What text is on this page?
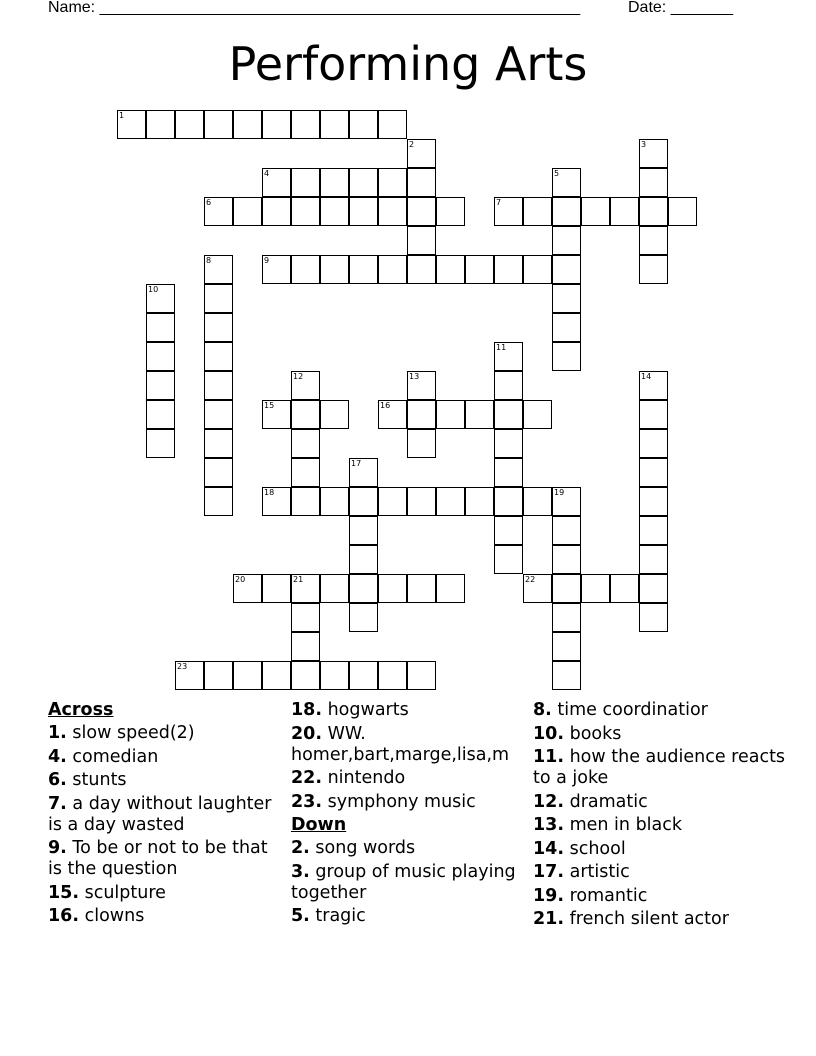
Name: ______________________________________________________	Date: _______
Performing Arts
1
2	3
4	5
6	7
8	9
10
11
12	13	14
15	16
17
18	19
20	21	22
23
Across
1. slow speed(2)
4. comedian
6. stunts
7. a day without laughter is a day wasted
9. To be or not to be that is the question
15. sculpture
16. clowns
18. hogwarts
20. WW. homer,bart,marge,lisa,m
22. nintendo
23. symphony music
Down
2. song words
3. group of music playing together
5. tragic
8. time coordinatior
10. books
11. how the audience reacts to a joke
12. dramatic
13. men in black
14. school
17. artistic
19. romantic
21. french silent actor
